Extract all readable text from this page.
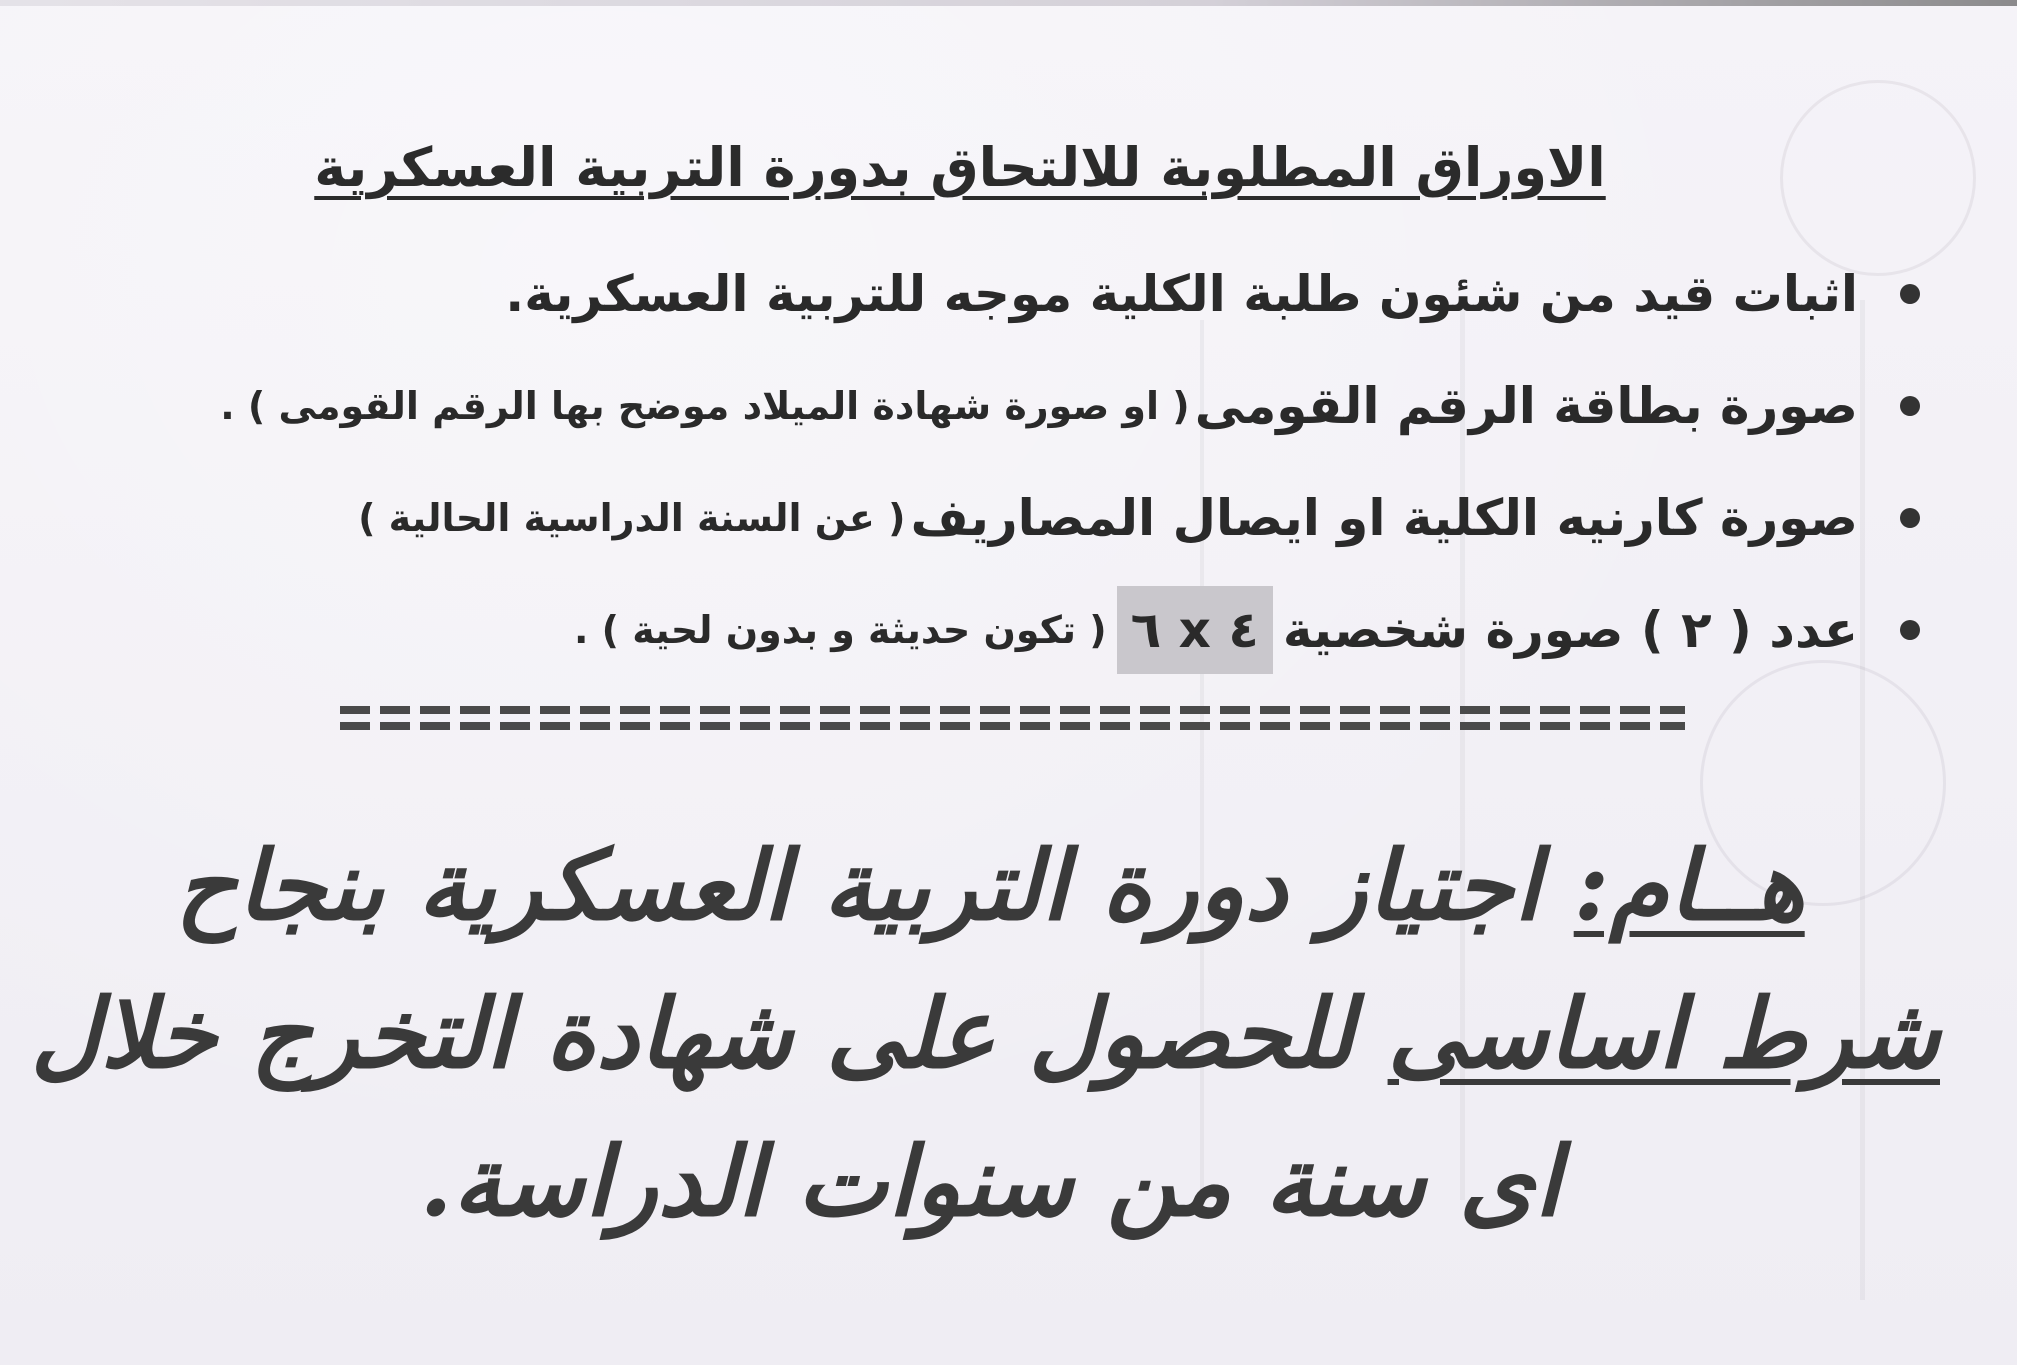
الاوراق المطلوبة للالتحاق بدورة التربية العسكرية
اثبات قيد من شئون طلبة الكلية موجه للتربية العسكرية.
صورة بطاقة الرقم القومى

( او صورة شهادة الميلاد موضح بها الرقم القومى ) .
صورة كارنيه الكلية او ايصال المصاريف

( عن السنة الدراسية الحالية )
عدد ( ٢ ) صورة شخصية
٤ x ٦
( تكون حديثة و بدون لحية ) .
هــام: اجتياز دورة التربية العسكرية بنجاح
شرط اساسى للحصول على شهادة التخرج خلال
اى سنة من سنوات الدراسة.
